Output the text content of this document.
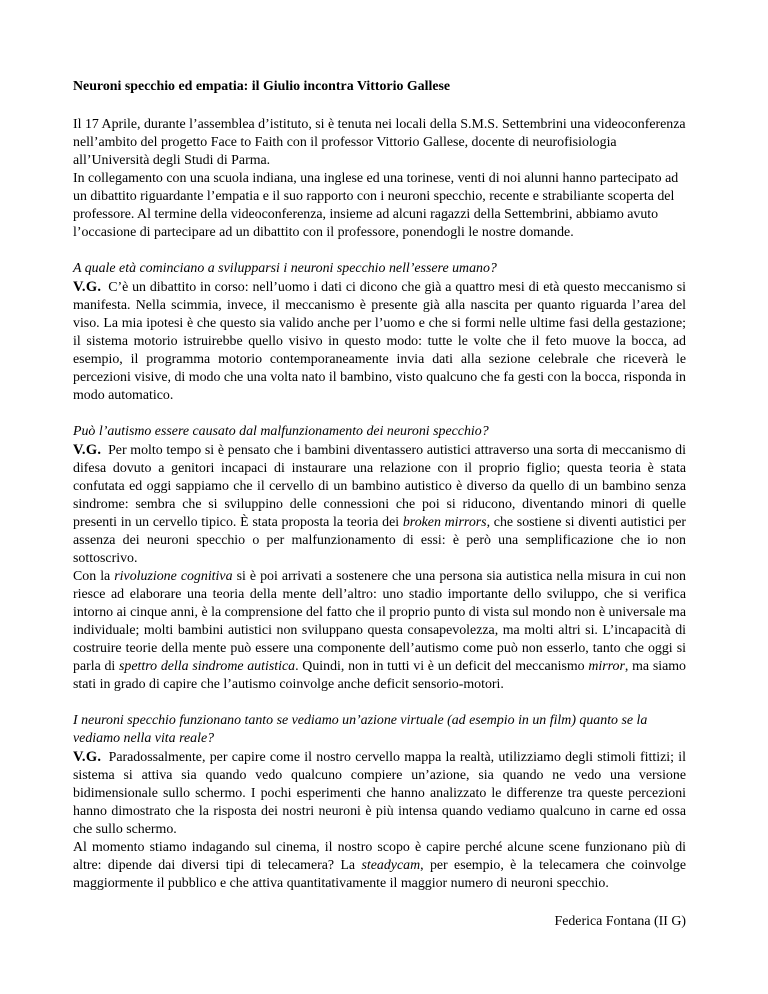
Neuroni specchio ed empatia: il Giulio incontra Vittorio Gallese

Il 17 Aprile, durante l’assemblea d’istituto, si è tenuta nei locali della S.M.S. Settembrini una videoconferenza nell’ambito del progetto Face to Faith con il professor Vittorio Gallese, docente di neurofisiologia all’Università degli Studi di Parma.

In collegamento con una scuola indiana, una inglese ed una torinese, venti di noi alunni hanno partecipato ad un dibattito riguardante l’empatia e il suo rapporto con i neuroni specchio, recente e strabiliante scoperta del professore. Al termine della videoconferenza, insieme ad alcuni ragazzi della Settembrini, abbiamo avuto l’occasione di partecipare ad un dibattito con il professore, ponendogli le nostre domande.

A quale età cominciano a svilupparsi i neuroni specchio nell’essere umano?

V.G. C’è un dibattito in corso: nell’uomo i dati ci dicono che già a quattro mesi di età questo meccanismo si manifesta. Nella scimmia, invece, il meccanismo è presente già alla nascita per quanto riguarda l’area del viso. La mia ipotesi è che questo sia valido anche per l’uomo e che si formi nelle ultime fasi della gestazione; il sistema motorio istruirebbe quello visivo in questo modo: tutte le volte che il feto muove la bocca, ad esempio, il programma motorio contemporaneamente invia dati alla sezione celebrale che riceverà le percezioni visive, di modo che una volta nato il bambino, visto qualcuno che fa gesti con la bocca, risponda in modo automatico.

Può l’autismo essere causato dal malfunzionamento dei neuroni specchio?

V.G. Per molto tempo si è pensato che i bambini diventassero autistici attraverso una sorta di meccanismo di difesa dovuto a genitori incapaci di instaurare una relazione con il proprio figlio; questa teoria è stata confutata ed oggi sappiamo che il cervello di un bambino autistico è diverso da quello di un bambino senza sindrome: sembra che si sviluppino delle connessioni che poi si riducono, diventando minori di quelle presenti in un cervello tipico. È stata proposta la teoria dei broken mirrors, che sostiene si diventi autistici per assenza dei neuroni specchio o per malfunzionamento di essi: è però una semplificazione che io non sottoscrivo.

Con la rivoluzione cognitiva si è poi arrivati a sostenere che una persona sia autistica nella misura in cui non riesce ad elaborare una teoria della mente dell’altro: uno stadio importante dello sviluppo, che si verifica intorno ai cinque anni, è la comprensione del fatto che il proprio punto di vista sul mondo non è universale ma individuale; molti bambini autistici non sviluppano questa consapevolezza, ma molti altri si. L’incapacità di costruire teorie della mente può essere una componente dell’autismo come può non esserlo, tanto che oggi si parla di spettro della sindrome autistica. Quindi, non in tutti vi è un deficit del meccanismo mirror, ma siamo stati in grado di capire che l’autismo coinvolge anche deficit sensorio-motori.

I neuroni specchio funzionano tanto se vediamo un’azione virtuale (ad esempio in un film) quanto se la vediamo nella vita reale?

V.G. Paradossalmente, per capire come il nostro cervello mappa la realtà, utilizziamo degli stimoli fittizi; il sistema si attiva sia quando vedo qualcuno compiere un’azione, sia quando ne vedo una versione bidimensionale sullo schermo. I pochi esperimenti che hanno analizzato le differenze tra queste percezioni hanno dimostrato che la risposta dei nostri neuroni è più intensa quando vediamo qualcuno in carne ed ossa che sullo schermo.

Al momento stiamo indagando sul cinema, il nostro scopo è capire perché alcune scene funzionano più di altre: dipende dai diversi tipi di telecamera? La steadycam, per esempio, è la telecamera che coinvolge maggiormente il pubblico e che attiva quantitativamente il maggior numero di neuroni specchio.

Federica Fontana (II G)
